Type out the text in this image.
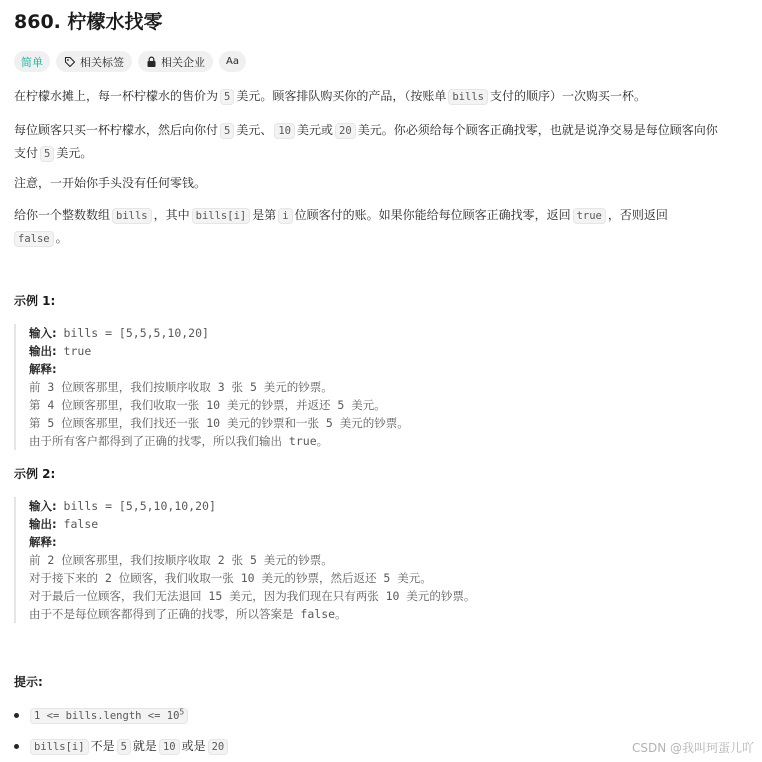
860. 柠檬水找零
简单	相关标签	相关企业 Aa
在柠檬水摊上，每一杯柠檬水的售价为 5 美元。顾客排队购买你的产品，（按账单 bills 支付的顺序）一次购买一杯。
每位顾客只买一杯柠檬水，然后向你付 5 美元、 10 美元或 20 美元。你必须给每个顾客正确找零，也就是说净交易是每位顾客向你
支付 5 美元。
注意，一开始你手头没有任何零钱。
给你一个整数数组 bills ，其中 bills[i] 是第 i 位顾客付的账。如果你能给每位顾客正确找零，返回 true ，否则返回
false 。
示例 1:
输入: bills = [5,5,5,10,20]
输出: true
解释:
前 3 位顾客那里，我们按顺序收取 3 张 5 美元的钞票。
第 4 位顾客那里，我们收取一张 10 美元的钞票，并返还 5 美元。
第 5 位顾客那里，我们找还一张 10 美元的钞票和一张 5 美元的钞票。
由于所有客户都得到了正确的找零，所以我们输出 true。
示例 2:
输入: bills = [5,5,10,10,20]
输出: false
解释:
前 2 位顾客那里，我们按顺序收取 2 张 5 美元的钞票。
对于接下来的 2 位顾客，我们收取一张 10 美元的钞票，然后返还 5 美元。
对于最后一位顾客，我们无法退回 15 美元，因为我们现在只有两张 10 美元的钞票。
由于不是每位顾客都得到了正确的找零，所以答案是 false。
提示:
1 <= bills.length <= $10^5$
bills[i] 不是 5 就是 10 或是 20	CSDN @我叫珂蛋儿吖
